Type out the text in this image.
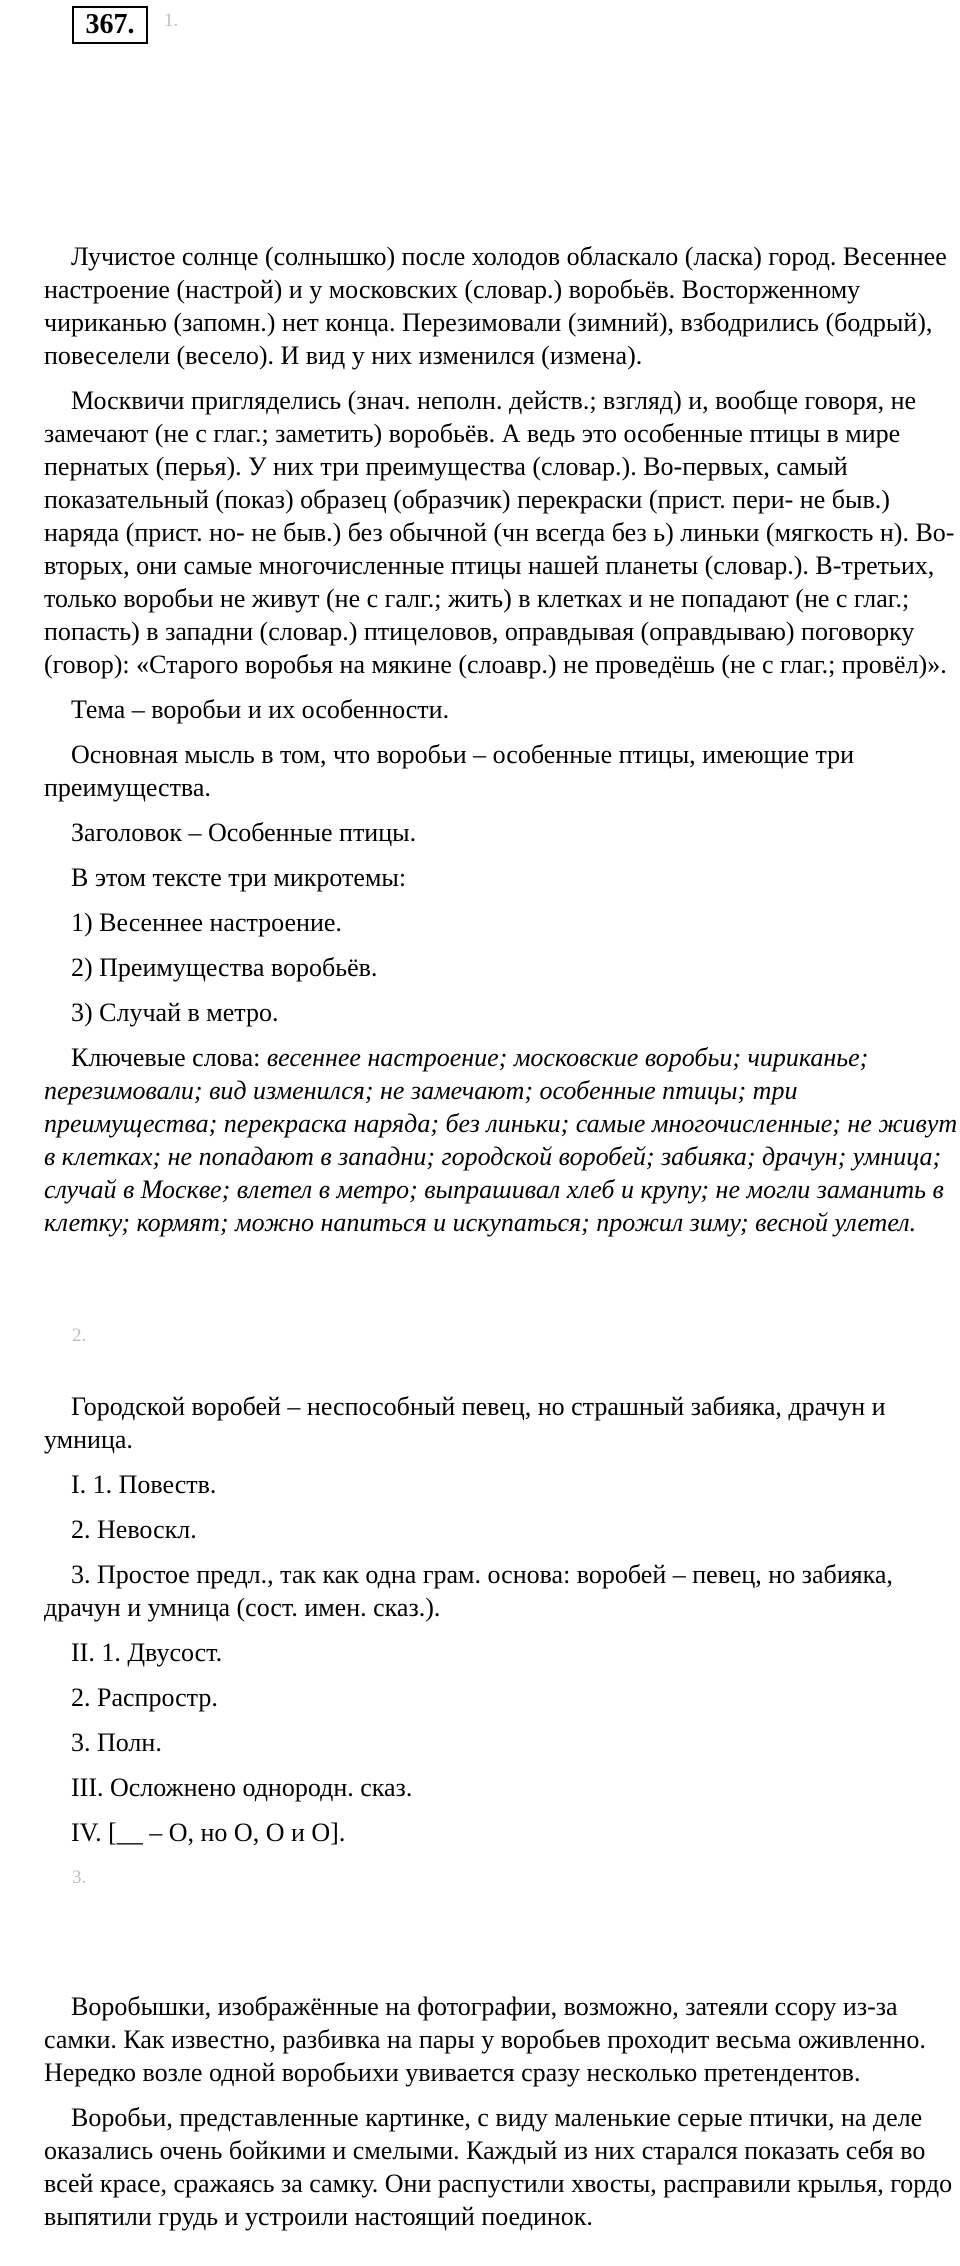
367.	1.

Лучистое солнце (солнышко) после холодов обласкало (ласка) город. Весеннее настроение (настрой) и у московских (словар.) воробьёв. Восторженному чириканью (запомн.) нет конца. Перезимовали (зимний), взбодрились (бодрый), повеселели (весело). И вид у них изменился (измена).

Москвичи пригляделись (знач. неполн. действ.; взгляд) и, вообще говоря, не замечают (не с глаг.; заметить) воробьёв. А ведь это особенные птицы в мире пернатых (перья). У них три преимущества (словар.). Во-первых, самый показательный (показ) образец (образчик) перекраски (прист. пери- не быв.) наряда (прист. но- не быв.) без обычной (чн всегда без ь) линьки (мягкость н). Во-вторых, они самые многочисленные птицы нашей планеты (словар.). В-третьих, только воробьи не живут (не с галг.; жить) в клетках и не попадают (не с глаг.; попасть) в западни (словар.) птицеловов, оправдывая (оправдываю) поговорку (говор): «Старого воробья на мякине (слоавр.) не проведёшь (не с глаг.; провёл)».

Тема – воробьи и их особенности.

Основная мысль в том, что воробьи – особенные птицы, имеющие три преимущества.

Заголовок – Особенные птицы.

В этом тексте три микротемы:

1) Весеннее настроение.

2) Преимущества воробьёв.

3) Случай в метро.

Ключевые слова: весеннее настроение; московские воробьи; чириканье; перезимовали; вид изменился; не замечают; особенные птицы; три преимущества; перекраска наряда; без линьки; самые многочисленные; не живут в клетках; не попадают в западни; городской воробей; забияка; драчун; умница; случай в Москве; влетел в метро; выпрашивал хлеб и крупу; не могли заманить в клетку; кормят; можно напиться и искупаться; прожил зиму; весной улетел.

2.

Городской воробей – неспособный певец, но страшный забияка, драчун и умница.

I. 1. Повеств.

2. Невоскл.

3. Простое предл., так как одна грам. основа: воробей – певец, но забияка, драчун и умница (сост. имен. сказ.).

II. 1. Двусост.

2. Распростр.

3. Полн.

III. Осложнено однородн. сказ.

IV. [__ – О, но О, О и О].

3.

Воробышки, изображённые на фотографии, возможно, затеяли ссору из-за самки. Как известно, разбивка на пары у воробьев проходит весьма оживленно. Нередко возле одной воробьихи увивается сразу несколько претендентов.

Воробьи, представленные картинке, с виду маленькие серые птички, на деле оказались очень бойкими и смелыми. Каждый из них старался показать себя во всей красе, сражаясь за самку. Они распустили хвосты, расправили крылья, гордо выпятили грудь и устроили настоящий поединок.
